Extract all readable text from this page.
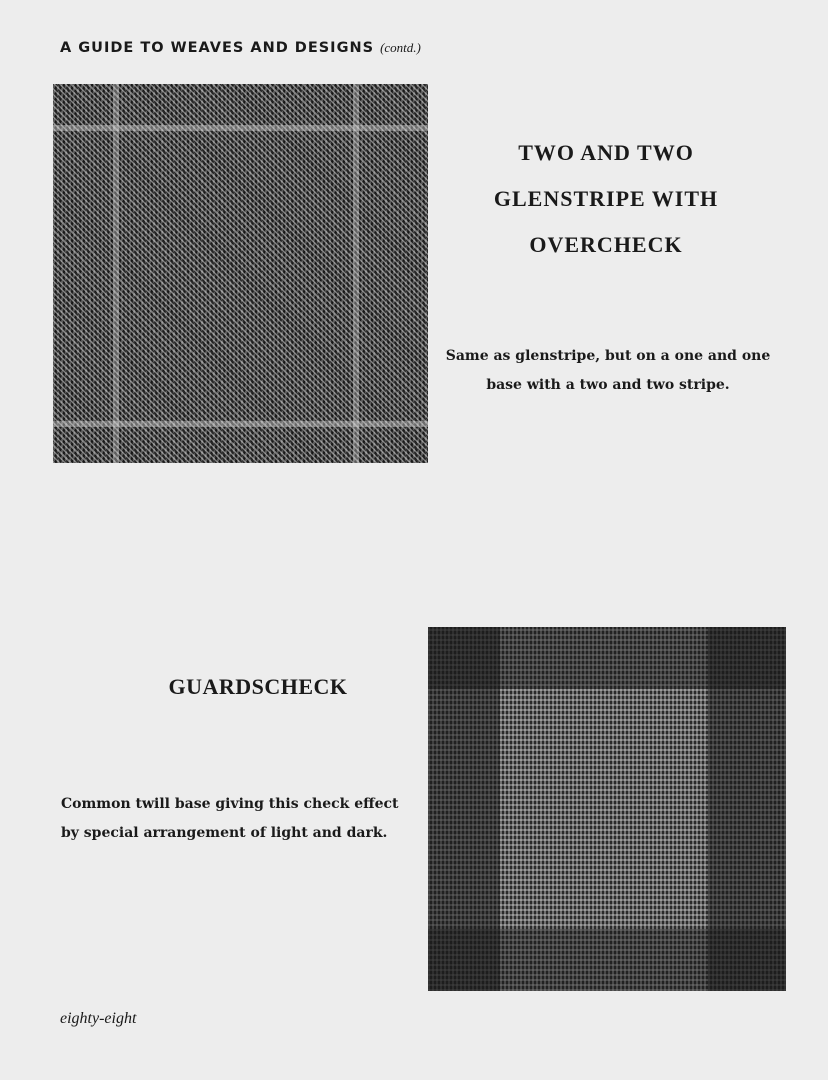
A GUIDE TO WEAVES AND DESIGNS (contd.)
TWO AND TWO
GLENSTRIPE WITH
OVERCHECK
Same as glenstripe, but on a one and one
base with a two and two stripe.
GUARDSCHECK
Common twill base giving this check effect
by special arrangement of light and dark.
eighty-eight
